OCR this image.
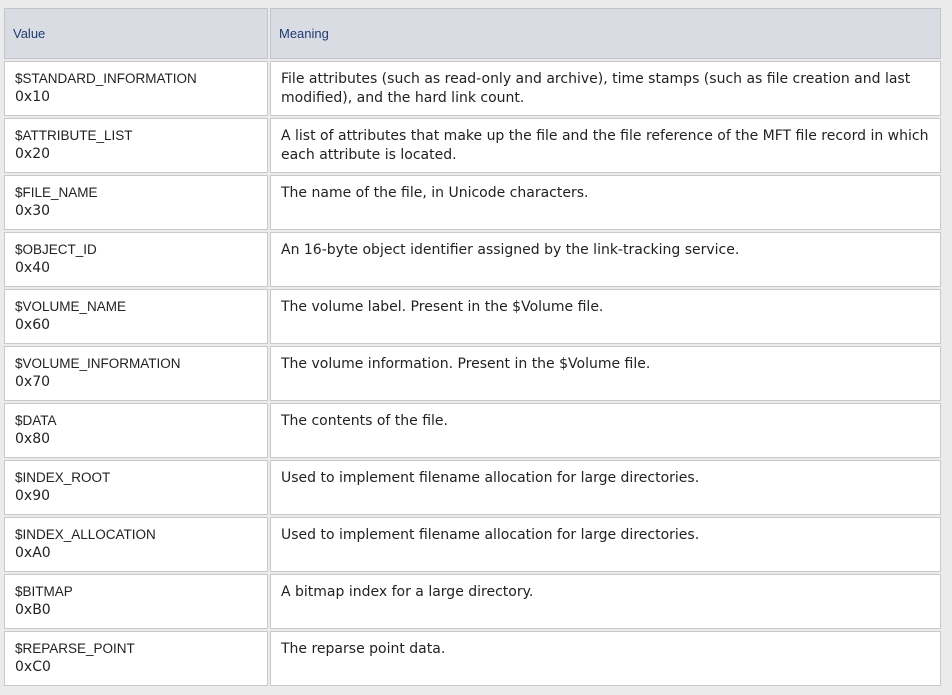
Value	Meaning

$STANDARD_INFORMATION
0x10	File attributes (such as read-only and archive), time stamps (such as file creation and last modified), and the hard link count.

$ATTRIBUTE_LIST
0x20	A list of attributes that make up the file and the file reference of the MFT file record in which each attribute is located.

$FILE_NAME
0x30	The name of the file, in Unicode characters.

$OBJECT_ID
0x40	An 16-byte object identifier assigned by the link-tracking service.

$VOLUME_NAME
0x60	The volume label. Present in the $Volume file.

$VOLUME_INFORMATION
0x70	The volume information. Present in the $Volume file.

$DATA
0x80	The contents of the file.

$INDEX_ROOT
0x90	Used to implement filename allocation for large directories.

$INDEX_ALLOCATION
0xA0	Used to implement filename allocation for large directories.

$BITMAP
0xB0	A bitmap index for a large directory.

$REPARSE_POINT
0xC0	The reparse point data.
